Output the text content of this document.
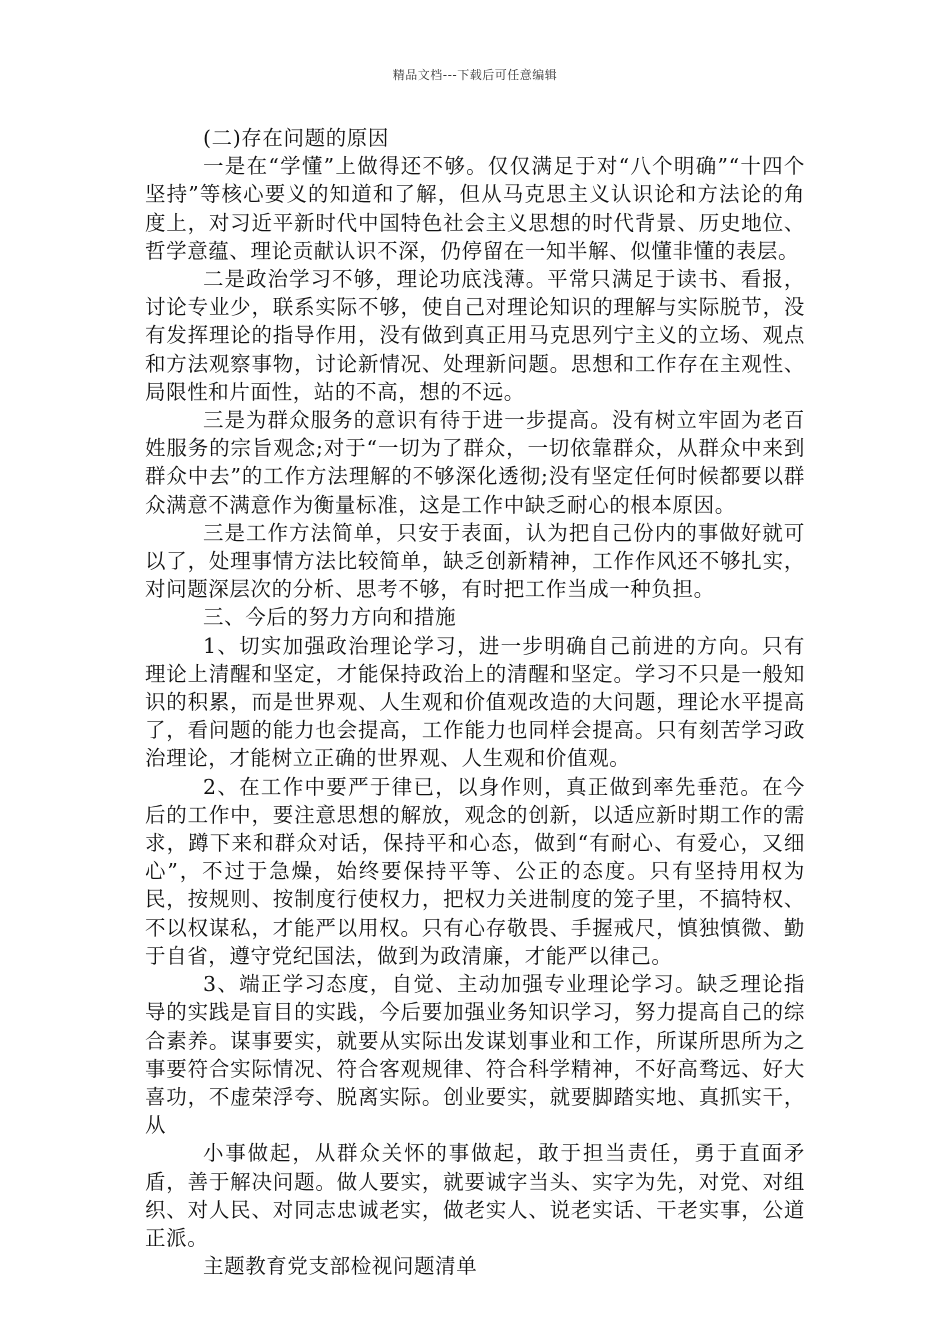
精品文档---下载后可任意编辑

(二)存在问题的原因

一是在“学懂”上做得还不够。仅仅满足于对“八个明确”“十四个坚持”等核心要义的知道和了解，但从马克思主义认识论和方法论的角度上，对习近平新时代中国特色社会主义思想的时代背景、历史地位、哲学意蕴、理论贡献认识不深，仍停留在一知半解、似懂非懂的表层。

二是政治学习不够，理论功底浅薄。平常只满足于读书、看报，讨论专业少，联系实际不够，使自己对理论知识的理解与实际脱节，没有发挥理论的指导作用，没有做到真正用马克思列宁主义的立场、观点和方法观察事物，讨论新情况、处理新问题。思想和工作存在主观性、局限性和片面性，站的不高，想的不远。

三是为群众服务的意识有待于进一步提高。没有树立牢固为老百姓服务的宗旨观念;对于“一切为了群众，一切依靠群众，从群众中来到群众中去”的工作方法理解的不够深化透彻;没有坚定任何时候都要以群众满意不满意作为衡量标准，这是工作中缺乏耐心的根本原因。

三是工作方法简单，只安于表面，认为把自己份内的事做好就可以了，处理事情方法比较简单，缺乏创新精神，工作作风还不够扎实，对问题深层次的分析、思考不够，有时把工作当成一种负担。

三、今后的努力方向和措施

1、切实加强政治理论学习，进一步明确自己前进的方向。只有理论上清醒和坚定，才能保持政治上的清醒和坚定。学习不只是一般知识的积累，而是世界观、人生观和价值观改造的大问题，理论水平提高了，看问题的能力也会提高，工作能力也同样会提高。只有刻苦学习政治理论，才能树立正确的世界观、人生观和价值观。

2、在工作中要严于律已，以身作则，真正做到率先垂范。在今后的工作中，要注意思想的解放，观念的创新，以适应新时期工作的需求，蹲下来和群众对话，保持平和心态，做到“有耐心、有爱心，又细心”，不过于急燥，始终要保持平等、公正的态度。只有坚持用权为民，按规则、按制度行使权力，把权力关进制度的笼子里，不搞特权、不以权谋私，才能严以用权。只有心存敬畏、手握戒尺，慎独慎微、勤于自省，遵守党纪国法，做到为政清廉，才能严以律己。

3、端正学习态度，自觉、主动加强专业理论学习。缺乏理论指导的实践是盲目的实践，今后要加强业务知识学习，努力提高自己的综合素养。谋事要实，就要从实际出发谋划事业和工作，所谋所思所为之事要符合实际情况、符合客观规律、符合科学精神，不好高骛远、好大喜功，不虚荣浮夸、脱离实际。创业要实，就要脚踏实地、真抓实干，从

小事做起，从群众关怀的事做起，敢于担当责任，勇于直面矛盾，善于解决问题。做人要实，就要诚字当头、实字为先，对党、对组织、对人民、对同志忠诚老实，做老实人、说老实话、干老实事，公道正派。

主题教育党支部检视问题清单
